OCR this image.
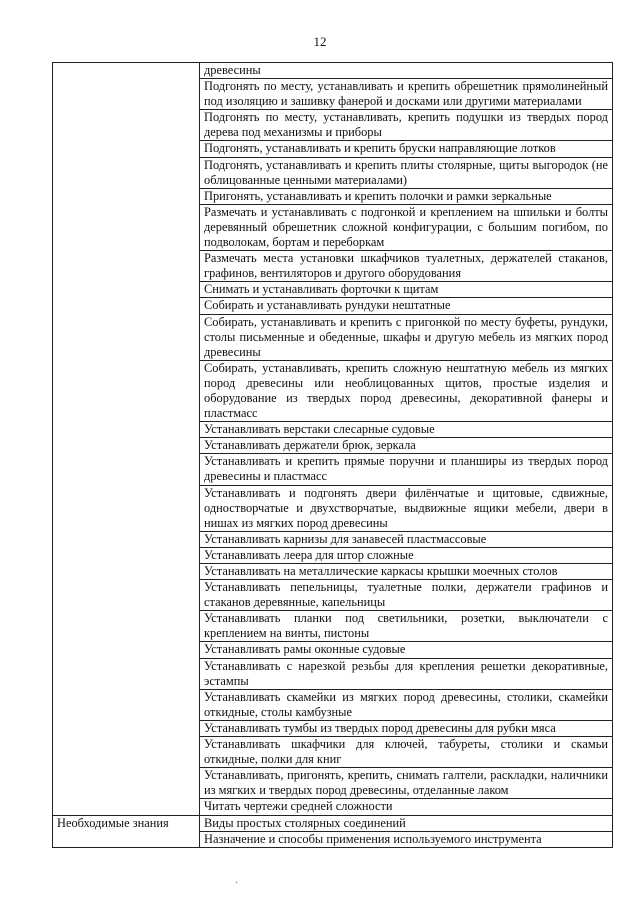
12
	древесины
	Подгонять по месту, устанавливать и крепить обрешетник прямолинейный под изоляцию и зашивку фанерой и досками или другими материалами
	Подгонять по месту, устанавливать, крепить подушки из твердых пород дерева под механизмы и приборы
	Подгонять, устанавливать и крепить бруски направляющие лотков
	Подгонять, устанавливать и крепить плиты столярные, щиты выгородок (не облицованные ценными материалами)
	Пригонять, устанавливать и крепить полочки и рамки зеркальные
	Размечать и устанавливать с подгонкой и креплением на шпильки и болты деревянный обрешетник сложной конфигурации, с большим погибом, по подволокам, бортам и переборкам
	Размечать места установки шкафчиков туалетных, держателей стаканов, графинов, вентиляторов и другого оборудования
	Снимать и устанавливать форточки к щитам
	Собирать и устанавливать рундуки нештатные
	Собирать, устанавливать и крепить с пригонкой по месту буфеты, рундуки, столы письменные и обеденные, шкафы и другую мебель из мягких пород древесины
	Собирать, устанавливать, крепить сложную нештатную мебель из мягких пород древесины или необлицованных щитов, простые изделия и оборудование из твердых пород древесины, декоративной фанеры и пластмасс
	Устанавливать верстаки слесарные судовые
	Устанавливать держатели брюк, зеркала
	Устанавливать и крепить прямые поручни и планширы из твердых пород древесины и пластмасс
	Устанавливать и подгонять двери филёнчатые и щитовые, сдвижные, одностворчатые и двухстворчатые, выдвижные ящики мебели, двери в нишах из мягких пород древесины
	Устанавливать карнизы для занавесей пластмассовые
	Устанавливать леера для штор сложные
	Устанавливать на металлические каркасы крышки моечных столов
	Устанавливать пепельницы, туалетные полки, держатели графинов и стаканов деревянные, капельницы
	Устанавливать планки под светильники, розетки, выключатели с креплением на винты, пистоны
	Устанавливать рамы оконные судовые
	Устанавливать с нарезкой резьбы для крепления решетки декоративные, эстампы
	Устанавливать скамейки из мягких пород древесины, столики, скамейки откидные, столы камбузные
	Устанавливать тумбы из твердых пород древесины для рубки мяса
	Устанавливать шкафчики для ключей, табуреты, столики и скамьи откидные, полки для книг
	Устанавливать, пригонять, крепить, снимать галтели, раскладки, наличники из мягких и твердых пород древесины, отделанные лаком
	Читать чертежи средней сложности
Необходимые знания	Виды простых столярных соединений
	Назначение и способы применения используемого инструмента
·
